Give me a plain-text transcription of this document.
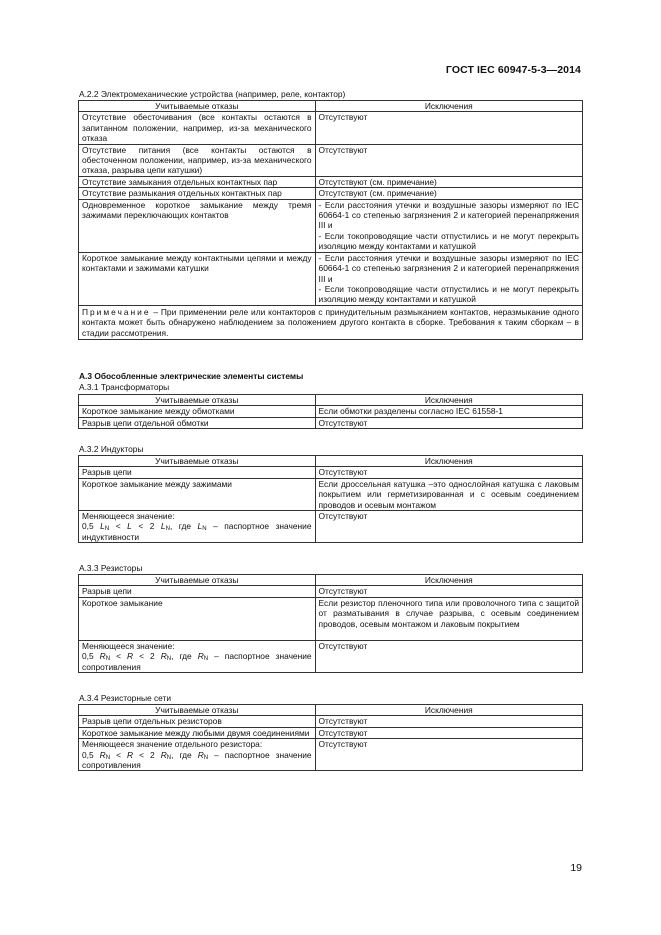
ГОСТ IEC 60947-5-3—2014
А.2.2 Электромеханические устройства (например, реле, контактор)
Учитываемые отказы	Исключения
Отсутствие обесточивания (все контакты остаются в запитанном положении, например, из-за механического отказа	Отсутствуют
Отсутствие питания (все контакты остаются в обесточенном положении, например, из-за механического отказа, разрыва цепи катушки)	Отсутствуют
Отсутствие замыкания отдельных контактных пар	Отсутствуют (см. примечание)
Отсутствие размыкания отдельных контактных пар	Отсутствуют (см. примечание)
Одновременное короткое замыкание между тремя зажимами переключающих контактов	- Если расстояния утечки и воздушные зазоры измеряют по IEC 60664-1 со степенью загрязнения 2 и категорией перенапряжения III и
- Если токопроводящие части отпустились и не могут перекрыть изоляцию между контактами и катушкой
Короткое замыкание между контактными цепями и между контактами и зажимами катушки	- Если расстояния утечки и воздушные зазоры измеряют по IEC 60664-1 со степенью загрязнения 2 и категорией перенапряжения III и
- Если токопроводящие части отпустились и не могут перекрыть изоляцию между контактами и катушкой
Примечание – При применении реле или контакторов с принудительным размыканием контактов, неразмыкание одного контакта может быть обнаружено наблюдением за положением другого контакта в сборке. Требования к таким сборкам – в стадии рассмотрения.	
А.3 Обособленные электрические элементы системы
А.3.1 Трансформаторы
Учитываемые отказы	Исключения
Короткое замыкание между обмотками	Если обмотки разделены согласно IEC 61558-1
Разрыв цепи отдельной обмотки	Отсутствуют
А.3.2 Индукторы
Учитываемые отказы	Исключения
Разрыв цепи	Отсутствуют
Короткое замыкание между зажимами	Если дроссельная катушка –это однослойная катушка с лаковым покрытием или герметизированная и с осевым соединением проводов и осевым монтажом
Меняющееся значение:
0,5 $L_N < L < 2$ $L_N$, где $L_N$ – паспортное значение индуктивности	Отсутствуют
А.3.3 Резисторы
Учитываемые отказы	Исключения
Разрыв цепи	Отсутствуют
Короткое замыкание	Если резистор пленочного типа или проволочного типа с защитой от разматывания в случае разрыва, с осевым соединением проводов, осевым монтажом и лаковым покрытием
Меняющееся значение:
0,5 $R_N < R < 2$ $R_N$, где $R_N$ – паспортное значение сопротивления	Отсутствуют
А.3.4 Резисторные сети
Учитываемые отказы	Исключения
Разрыв цепи отдельных резисторов	Отсутствуют
Короткое замыкание между любыми двумя соединениями	Отсутствуют
Меняющееся значение отдельного резистора:
0,5 $R_N < R < 2$ $R_N$, где $R_N$ – паспортное значение сопротивления	Отсутствуют
19
